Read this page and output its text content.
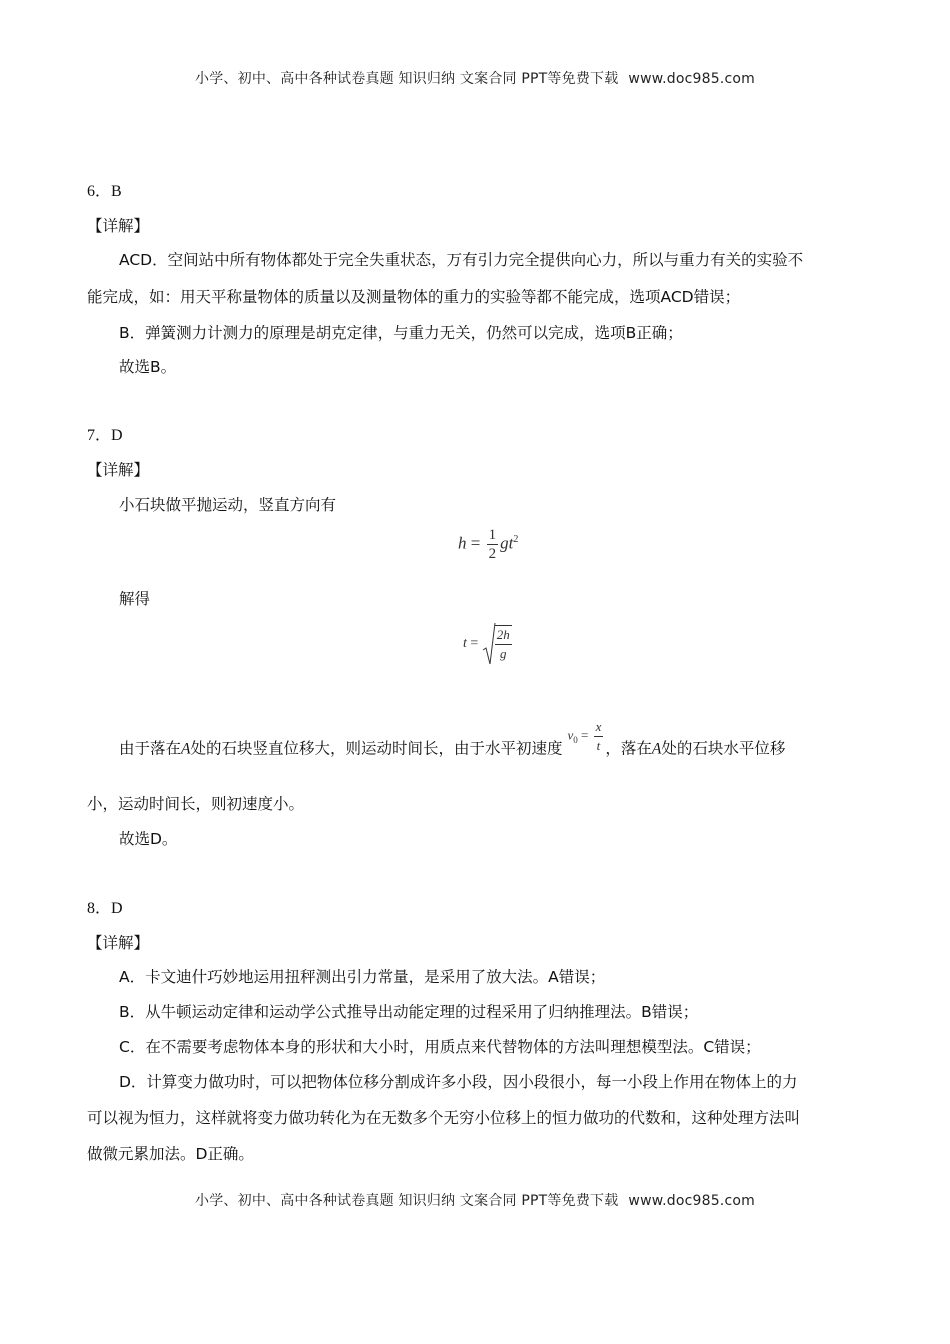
小学、初中、高中各种试卷真题 知识归纳 文案合同 PPT等免费下载 www.doc985.com
6．B
【详解】
ACD．空间站中所有物体都处于完全失重状态，万有引力完全提供向心力，所以与重力有关的实验不
能完成，如：用天平称量物体的质量以及测量物体的重力的实验等都不能完成，选项ACD错误；
B．弹簧测力计测力的原理是胡克定律，与重力无关，仍然可以完成，选项B正确；
故选B。
7．D
【详解】
小石块做平抛运动，竖直方向有
$h = \frac{1}{2} gt^2$
解得
$t = \frac{2h}{g}$
由于落在A处的石块竖直位移大，则运动时间长，由于水平初速度 $v_0 = \frac{x}{t}$ ，落在A处的石块水平位移
小，运动时间长，则初速度小。
故选D。
8．D
【详解】
A．卡文迪什巧妙地运用扭秤测出引力常量，是采用了放大法。A错误；
B．从牛顿运动定律和运动学公式推导出动能定理的过程采用了归纳推理法。B错误；
C．在不需要考虑物体本身的形状和大小时，用质点来代替物体的方法叫理想模型法。C错误；
D．计算变力做功时，可以把物体位移分割成许多小段，因小段很小，每一小段上作用在物体上的力
可以视为恒力，这样就将变力做功转化为在无数多个无穷小位移上的恒力做功的代数和，这种处理方法叫
做微元累加法。D正确。
小学、初中、高中各种试卷真题 知识归纳 文案合同 PPT等免费下载 www.doc985.com
